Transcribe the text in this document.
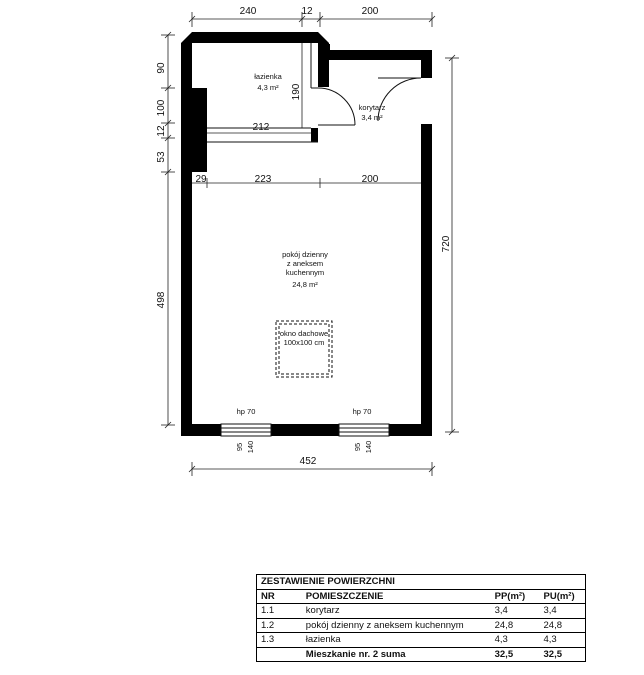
240	12	200
90
100
12
53
498
720
452
190
212
29	223	200
łazienka
4,3 m²
korytarz
3,4 m²
pokój dzienny
z aneksem
kuchennym
24,8 m²
okno dachowe
100x100 cm
hp 70
95 140
hp 70
95 140
ZESTAWIENIE POWIERZCHNI			
NR	POMIESZCZENIE	PP(m²)	PU(m²)
1.1	korytarz	3,4	3,4
1.2	pokój dzienny z aneksem kuchennym	24,8	24,8
1.3	łazienka	4,3	4,3
	Mieszkanie nr. 2 suma	32,5	32,5
